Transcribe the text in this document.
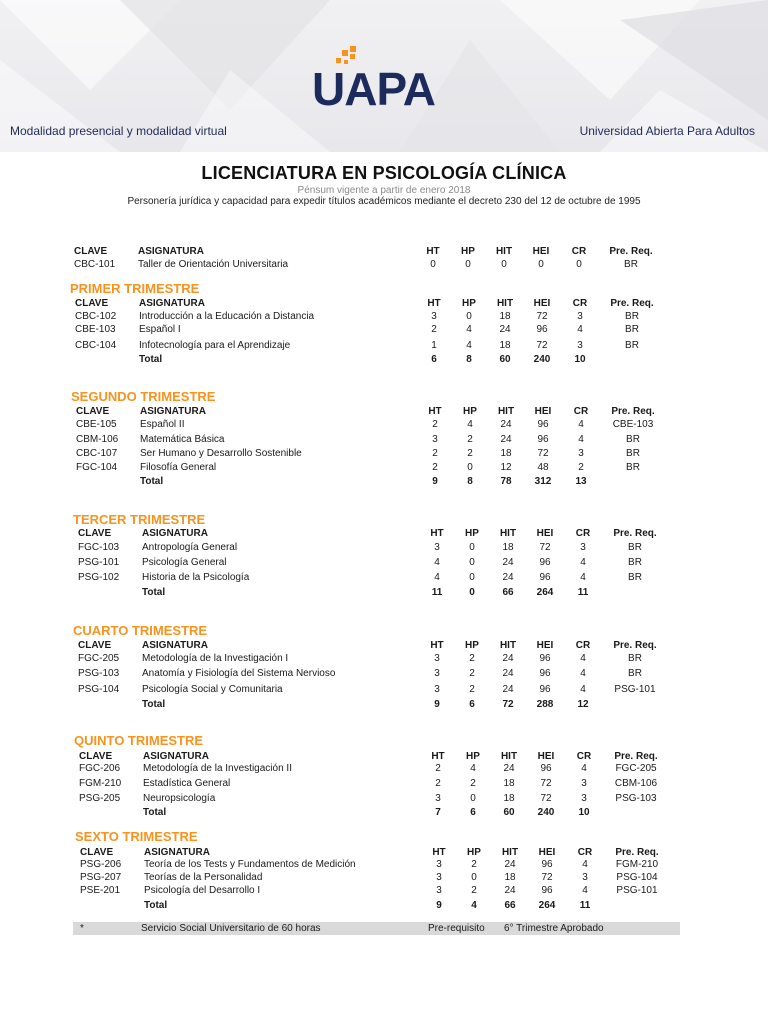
UAPA
Modalidad presencial y modalidad virtual	Universidad Abierta Para Adultos
LICENCIATURA EN PSICOLOGÍA CLÍNICA
Pénsum vigente a partir de enero 2018
Personería jurídica y capacidad para expedir títulos académicos mediante el decreto 230 del 12 de octubre de 1995
CLAVE	ASIGNATURA	HT	HP	HIT	HEI	CR	Pre. Req.
CBC-101 Taller de Orientación Universitaria	0	0	0	0	0	BR
PRIMER TRIMESTRE
CLAVE	ASIGNATURA	HT	HP	HIT	HEI	CR	Pre. Req.
CBC-102 Introducción a la Educación a Distancia	3	0	18	72	3	BR
CBE-103 Español I	2	4	24	96	4	BR
CBC-104 Infotecnología para el Aprendizaje	1	4	18	72	3	BR
Total	6	8	60	240	10
SEGUNDO TRIMESTRE
CLAVE	ASIGNATURA	HT	HP	HIT	HEI	CR	Pre. Req.
CBE-105 Español II	2	4	24	96	4	CBE-103
CBM-106 Matemática Básica	3	2	24	96	4	BR
CBC-107 Ser Humano y Desarrollo Sostenible	2	2	18	72	3	BR
FGC-104 Filosofía General	2	0	12	48	2	BR
Total	9	8	78	312	13
TERCER TRIMESTRE
CLAVE	ASIGNATURA	HT	HP	HIT	HEI	CR	Pre. Req.
FGC-103 Antropología General	3	0	18	72	3	BR
PSG-101 Psicología General	4	0	24	96	4	BR
PSG-102 Historia de la Psicología	4	0	24	96	4	BR
Total	11	0	66	264	11
CUARTO TRIMESTRE
CLAVE	ASIGNATURA	HT	HP	HIT	HEI	CR	Pre. Req.
FGC-205 Metodología de la Investigación I	3	2	24	96	4	BR
PSG-103 Anatomía y Fisiología del Sistema Nervioso	3	2	24	96	4	BR
PSG-104 Psicología Social y Comunitaria	3	2	24	96	4	PSG-101
Total	9	6	72	288	12
QUINTO TRIMESTRE
CLAVE	ASIGNATURA	HT	HP	HIT	HEI	CR	Pre. Req.
FGC-206 Metodología de la Investigación II	2	4	24	96	4	FGC-205
FGM-210 Estadística General	2	2	18	72	3	CBM-106
PSG-205 Neuropsicología	3	0	18	72	3	PSG-103
Total	7	6	60	240	10
SEXTO TRIMESTRE
CLAVE	ASIGNATURA	HT	HP	HIT	HEI	CR	Pre. Req.
PSG-206 Teoría de los Tests y Fundamentos de Medición	3	2	24	96	4	FGM-210
PSG-207 Teorías de la Personalidad	3	0	18	72	3	PSG-104
PSE-201 Psicología del Desarrollo I	3	2	24	96	4	PSG-101
Total	9	4	66	264	11
*	Servicio Social Universitario de 60 horas	Pre-requisito 6° Trimestre Aprobado
